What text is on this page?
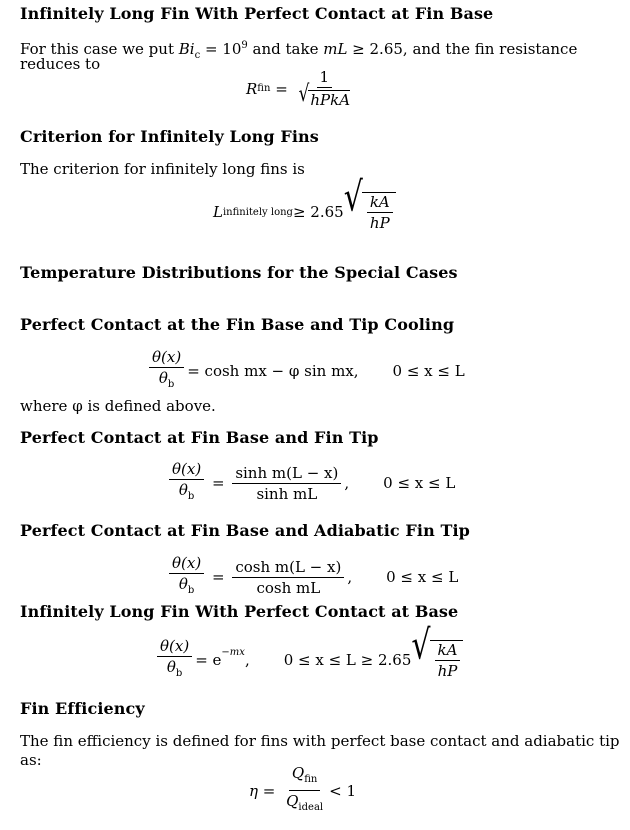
Infinitely Long Fin With Perfect Contact at Fin Base
For this case we put $Bi_c = 10^9$ and take mL ≥ 2.65, and the fin resistance
reduces to
R fin = $\frac{1}{\text{√ hPkA}}$
Criterion for Infinitely Long Fins
The criterion for infinitely long fins is
L infinitely long ≥ 2.65 √ $\frac{kA}{hP}$
Temperature Distributions for the Special Cases
Perfect Contact at the Fin Base and Tip Cooling
$\frac{\theta(x)}{\theta_b} = \cosh$ mx − φ sin mx, 0 ≤ x ≤ L
where φ is defined above.
Perfect Contact at Fin Base and Fin Tip
$\frac{\theta(x)}{\theta_b} = \frac{\text{sinh m(L − x)}}{\text{sinh mL}}$ , 0 ≤ x ≤ L
Perfect Contact at Fin Base and Adiabatic Fin Tip
$\frac{\theta(x)}{\theta_b} = \frac{\text{cosh m(L − x)}}{\text{cosh mL}}$ , 0 ≤ x ≤ L
Infinitely Long Fin With Perfect Contact at Base
$\frac{\theta(x)}{\theta_b} = e^{-mx}$ , 0 ≤ x ≤ L ≥ 2.65 √ $\frac{kA}{hP}$
Fin Efficiency
The fin efficiency is defined for fins with perfect base contact and adiabatic tip
as:
$\eta = \frac{Q_{fin}}{Q_{ideal}} < 1$
